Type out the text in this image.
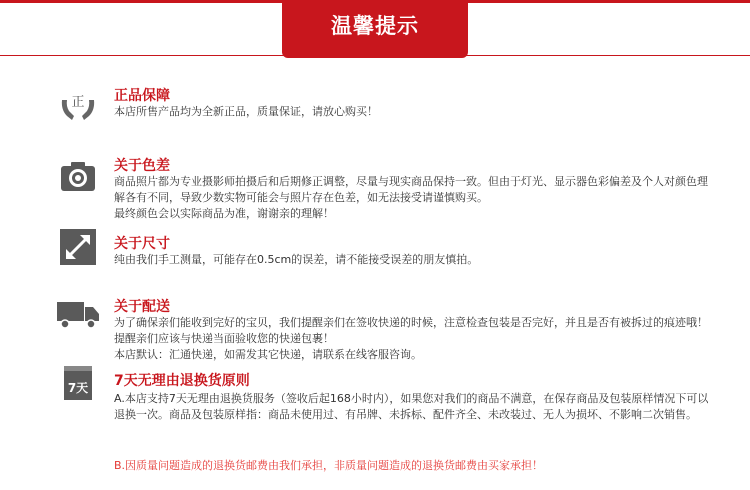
温馨提示
正 正品保障

本店所售产品均为全新正品，质量保证，请放心购买！

关于色差

商品照片都为专业摄影师拍摄后和后期修正调整，尽量与现实商品保持一致。但由于灯光、显示器色彩偏差及个人对颜色理解各有不同，导致少数实物可能会与照片存在色差，如无法接受请谨慎购买。

最终颜色会以实际商品为准，谢谢亲的理解！

关于尺寸

纯由我们手工测量，可能存在0.5cm的误差，请不能接受误差的朋友慎拍。

关于配送

为了确保亲们能收到完好的宝贝，我们提醒亲们在签收快递的时候，注意检查包装是否完好，并且是否有被拆过的痕迹哦！提醒亲们应该与快递当面验收您的快递包裹！

本店默认：汇通快递，如需发其它快递，请联系在线客服咨询。

7天 7天无理由退换货原则

A.本店支持7天无理由退换货服务（签收后起168小时内），如果您对我们的商品不满意，在保存商品及包装原样情况下可以退换一次。商品及包装原样指：商品未使用过、有吊牌、未拆标、配件齐全、未改装过、无人为损坏、不影响二次销售。

B.因质量问题造成的退换货邮费由我们承担，非质量问题造成的退换货邮费由买家承担！
